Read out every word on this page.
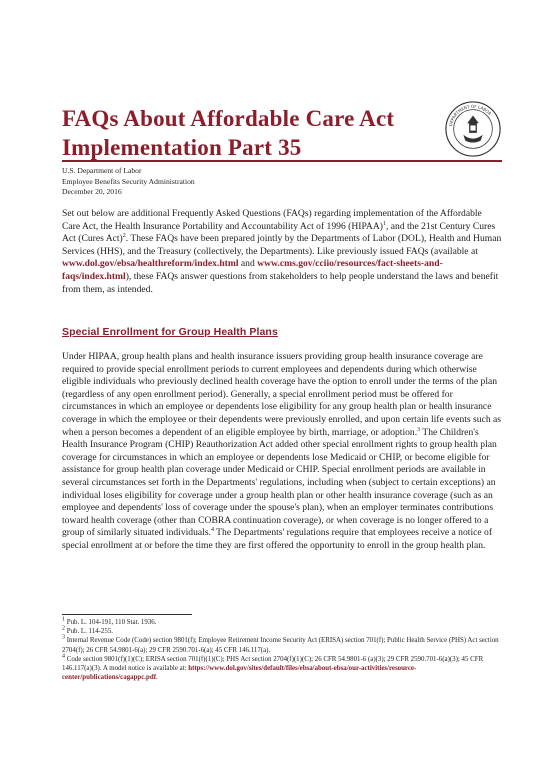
FAQs About Affordable Care Act
Implementation Part 35
DEPARTMENT OF LABOR
U.S. Department of Labor
Employee Benefits Security Administration
December 20, 2016
Set out below are additional Frequently Asked Questions (FAQs) regarding implementation of the Affordable Care Act, the Health Insurance Portability and Accountability Act of 1996 (HIPAA)$^1$, and the 21st Century Cures Act (Cures Act)$^2$. These FAQs have been prepared jointly by the Departments of Labor (DOL), Health and Human Services (HHS), and the Treasury (collectively, the Departments). Like previously issued FAQs (available at www.dol.gov/ebsa/healthreform/index.html and www.cms.gov/cciio/resources/fact-sheets-and-faqs/index.html), these FAQs answer questions from stakeholders to help people understand the laws and benefit from them, as intended.
Special Enrollment for Group Health Plans
Under HIPAA, group health plans and health insurance issuers providing group health insurance coverage are required to provide special enrollment periods to current employees and dependents during which otherwise eligible individuals who previously declined health coverage have the option to enroll under the terms of the plan (regardless of any open enrollment period). Generally, a special enrollment period must be offered for circumstances in which an employee or dependents lose eligibility for any group health plan or health insurance coverage in which the employee or their dependents were previously enrolled, and upon certain life events such as when a person becomes a dependent of an eligible employee by birth, marriage, or adoption.$^3$ The Children's Health Insurance Program (CHIP) Reauthorization Act added other special enrollment rights to group health plan coverage for circumstances in which an employee or dependents lose Medicaid or CHIP, or become eligible for assistance for group health plan coverage under Medicaid or CHIP. Special enrollment periods are available in several circumstances set forth in the Departments' regulations, including when (subject to certain exceptions) an individual loses eligibility for coverage under a group health plan or other health insurance coverage (such as an employee and dependents' loss of coverage under the spouse's plan), when an employer terminates contributions toward health coverage (other than COBRA continuation coverage), or when coverage is no longer offered to a group of similarly situated individuals.$^4$ The Departments' regulations require that employees receive a notice of special enrollment at or before the time they are first offered the opportunity to enroll in the group health plan.

$^1$ Pub. L. 104-191, 110 Stat. 1936.

$^2$ Pub. L. 114-255.

$^3$ Internal Revenue Code (Code) section 9801(f); Employee Retirement Income Security Act (ERISA) section 701(f); Public Health Service (PHS) Act section 2704(f); 26 CFR 54.9801-6(a); 29 CFR 2590.701-6(a); 45 CFR 146.117(a).

$^4$ Code section 9801(f)(1)(C); ERISA section 701(f)(1)(C); PHS Act section 2704(f)(1)(C); 26 CFR 54.9801-6 (a)(3); 29 CFR 2590.701-6(a)(3); 45 CFR 146.117(a)(3). A model notice is available at: https://www.dol.gov/sites/default/files/ebsa/about-ebsa/our-activities/resource-center/publications/cagappc.pdf.
